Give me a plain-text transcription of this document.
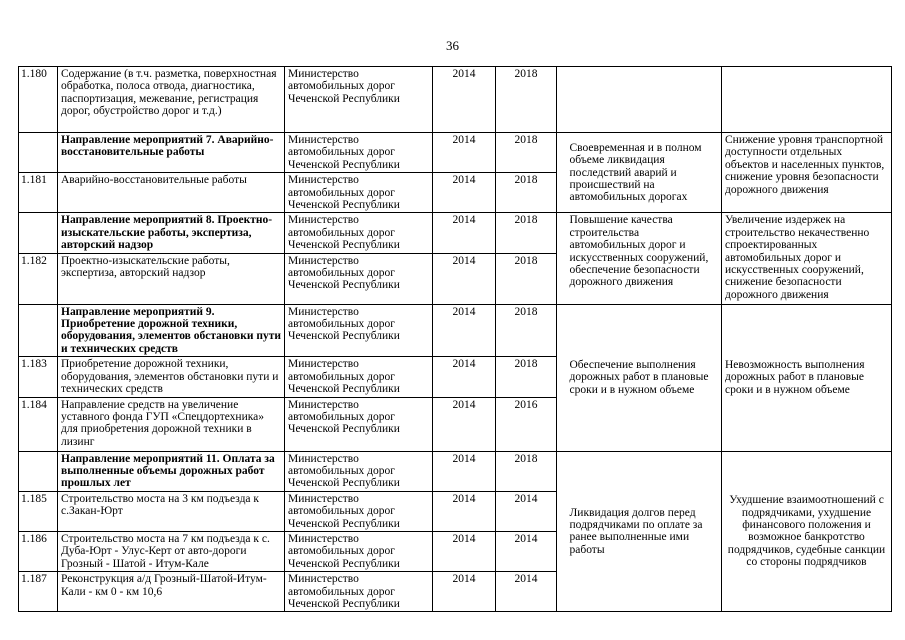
36
1.180	Содержание (в т.ч. разметка, поверхностная обработка, полоса отвода, диагностика, паспортизация, межевание, регистрация дорог, обустройство дорог и т.д.)	Министерство автомобильных дорог Чеченской Республики	2014	2018			
	Направление мероприятий 7. Аварийно-восстановительные работы	Министерство автомобильных дорог Чеченской Республики	2014	2018		Своевременная и в полном объеме ликвидация последствий аварий и происшествий на автомобильных дорогах	Снижение уровня транспортной доступности отдельных объектов и населенных пунктов, снижение уровня безопасности дорожного движения
1.181	Аварийно-восстановительные работы	Министерство автомобильных дорог Чеченской Республики	2014	2018			
	Направление мероприятий 8. Проектно-изыскательские работы, экспертиза, авторский надзор	Министерство автомобильных дорог Чеченской Республики	2014	2018		Повышение качества строительства автомобильных дорог и искусственных сооружений, обеспечение безопасности дорожного движения	Увеличение издержек на строительство некачественно спроектированных автомобильных дорог и искусственных сооружений, снижение безопасности дорожного движения
1.182	Проектно-изыскательские работы, экспертиза, авторский надзор	Министерство автомобильных дорог Чеченской Республики	2014	2018			
	Направление мероприятий 9. Приобретение дорожной техники, оборудования, элементов обстановки пути и технических средств	Министерство автомобильных дорог Чеченской Республики	2014	2018		Обеспечение выполнения дорожных работ в плановые сроки и в нужном объеме	Невозможность выполнения дорожных работ в плановые сроки и в нужном объеме
1.183	Приобретение дорожной техники, оборудования, элементов обстановки пути и технических средств	Министерство автомобильных дорог Чеченской Республики	2014	2018			
1.184	Направление средств на увеличение уставного фонда ГУП «Спецдортехника» для приобретения дорожной техники в лизинг	Министерство автомобильных дорог Чеченской Республики	2014	2016			
	Направление мероприятий 11. Оплата за выполненные объемы дорожных работ прошлых лет	Министерство автомобильных дорог Чеченской Республики	2014	2018		Ликвидация долгов перед подрядчиками по оплате за ранее выполненные ими работы	Ухудшение взаимоотношений с подрядчиками, ухудшение финансового положения и возможное банкротство подрядчиков, судебные санкции со стороны подрядчиков
1.185	Строительство моста на 3 км подъезда к с.Закан-Юрт	Министерство автомобильных дорог Чеченской Республики	2014	2014			
1.186	Строительство моста на 7 км подъезда к с. Дуба-Юрт - Улус-Керт от авто-дороги Грозный - Шатой - Итум-Кале	Министерство автомобильных дорог Чеченской Республики	2014	2014			
1.187	Реконструкция а/д Грозный-Шатой-Итум-Кали - км 0 - км 10,6	Министерство автомобильных дорог Чеченской Республики	2014	2014			
